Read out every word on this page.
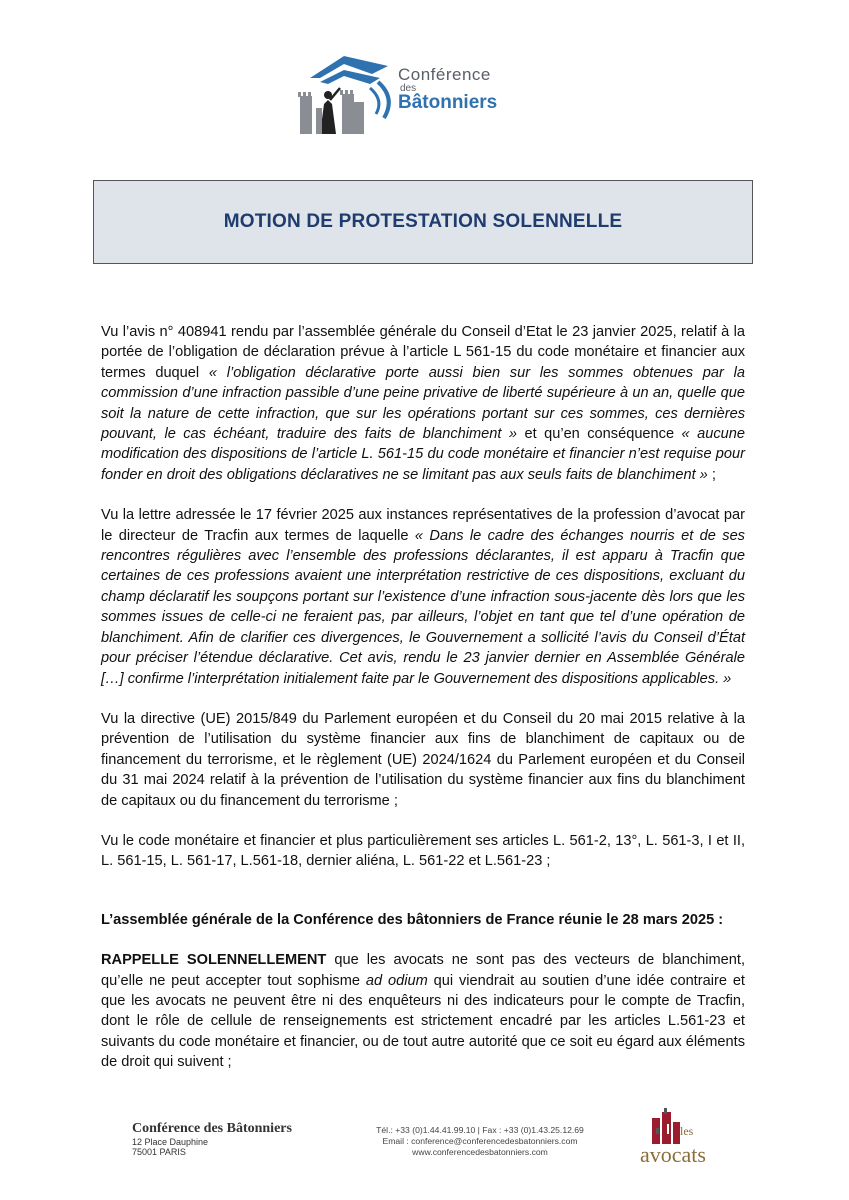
Conférence
des
Bâtonniers
MOTION DE PROTESTATION SOLENNELLE

Vu l’avis n° 408941 rendu par l’assemblée générale du Conseil d’Etat le 23 janvier 2025, relatif à la portée de l’obligation de déclaration prévue à l’article L 561-15 du code monétaire et financier aux termes duquel « l’obligation déclarative porte aussi bien sur les sommes obtenues par la commission d’une infraction passible d’une peine privative de liberté supérieure à un an, quelle que soit la nature de cette infraction, que sur les opérations portant sur ces sommes, ces dernières pouvant, le cas échéant, traduire des faits de blanchiment » et qu’en conséquence « aucune modification des dispositions de l’article L. 561-15 du code monétaire et financier n’est requise pour fonder en droit des obligations déclaratives ne se limitant pas aux seuls faits de blanchiment » ;

Vu la lettre adressée le 17 février 2025 aux instances représentatives de la profession d’avocat par le directeur de Tracfin aux termes de laquelle « Dans le cadre des échanges nourris et de ses rencontres régulières avec l’ensemble des professions déclarantes, il est apparu à Tracfin que certaines de ces professions avaient une interprétation restrictive de ces dispositions, excluant du champ déclaratif les soupçons portant sur l’existence d’une infraction sous-jacente dès lors que les sommes issues de celle-ci ne feraient pas, par ailleurs, l’objet en tant que tel d’une opération de blanchiment. Afin de clarifier ces divergences, le Gouvernement a sollicité l’avis du Conseil d’État pour préciser l’étendue déclarative. Cet avis, rendu le 23 janvier dernier en Assemblée Générale […] confirme l’interprétation initialement faite par le Gouvernement des dispositions applicables. »

Vu la directive (UE) 2015/849 du Parlement européen et du Conseil du 20 mai 2015 relative à la prévention de l’utilisation du système financier aux fins de blanchiment de capitaux ou de financement du terrorisme, et le règlement (UE) 2024/1624 du Parlement européen et du Conseil du 31 mai 2024 relatif à la prévention de l’utilisation du système financier aux fins du blanchiment de capitaux ou du financement du terrorisme ;

Vu le code monétaire et financier et plus particulièrement ses articles L. 561-2, 13°, L. 561-3, I et II, L. 561-15, L. 561-17, L.561-18, dernier aliéna, L. 561-22 et L.561-23 ;

L’assemblée générale de la Conférence des bâtonniers de France réunie le 28 mars 2025 :

RAPPELLE SOLENNELLEMENT que les avocats ne sont pas des vecteurs de blanchiment, qu’elle ne peut accepter tout sophisme ad odium qui viendrait au soutien d’une idée contraire et que les avocats ne peuvent être ni des enquêteurs ni des indicateurs pour le compte de Tracfin, dont le rôle de cellule de renseignements est strictement encadré par les articles L.561-23 et suivants du code monétaire et financier, ou de tout autre autorité que ce soit eu égard aux éléments de droit qui suivent ;

Conférence des Bâtonniers
12 Place Dauphine
75001 PARIS
Tél.: +33 (0)1.44.41.99.10 | Fax : +33 (0)1.43.25.12.69
Email : conference@conferencedesbatonniers.com
www.conferencedesbatonniers.com
les
avocats
